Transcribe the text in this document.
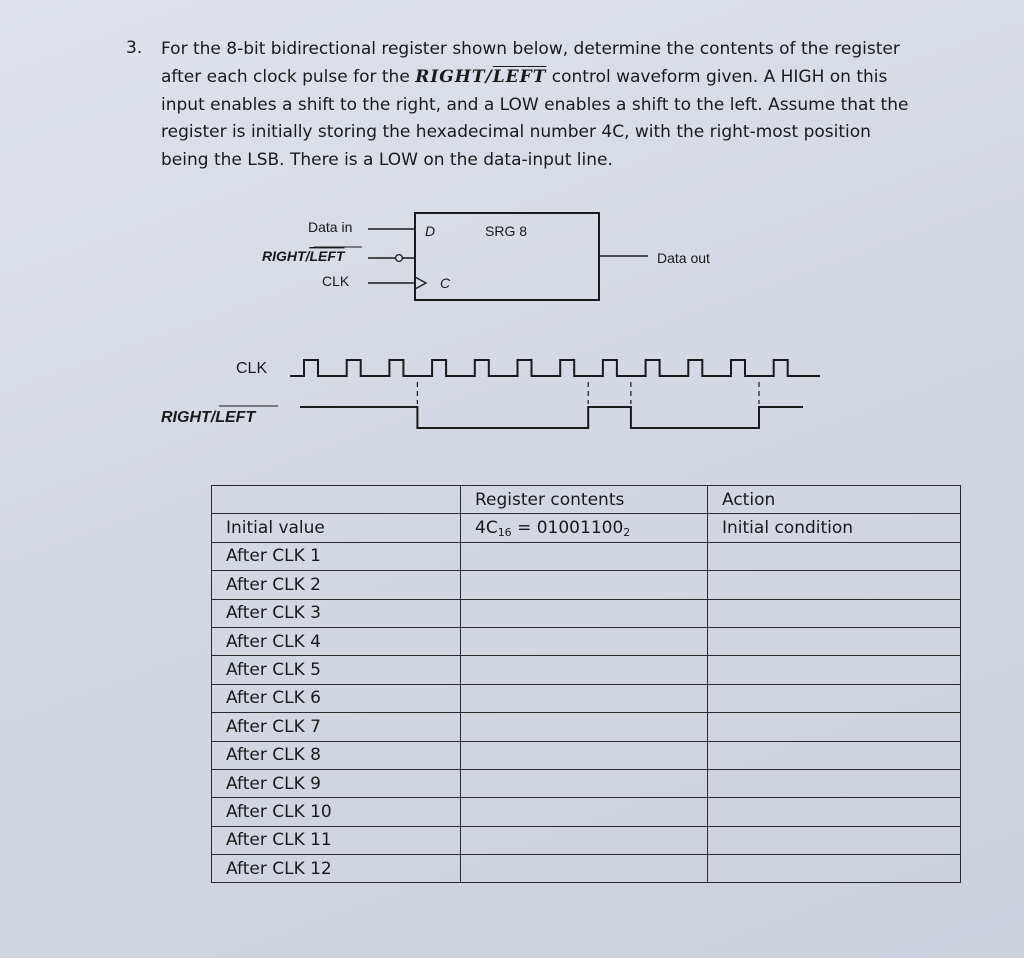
3. For the 8-bit bidirectional register shown below, determine the contents of the register after each clock pulse for the RIGHT/LEFT control waveform given. A HIGH on this input enables a shift to the right, and a LOW enables a shift to the left. Assume that the register is initially storing the hexadecimal number 4C, with the right-most position being the LSB. There is a LOW on the data-input line.

Data in
RIGHT/LEFT
CLK
D
C
SRG 8
Data out
CLK
RIGHT/LEFT
	Register contents	Action
Initial value	$4C_{16} = 01001100_2$	Initial condition
After CLK 1		
After CLK 2		
After CLK 3		
After CLK 4		
After CLK 5		
After CLK 6		
After CLK 7		
After CLK 8		
After CLK 9		
After CLK 10		
After CLK 11		
After CLK 12		
